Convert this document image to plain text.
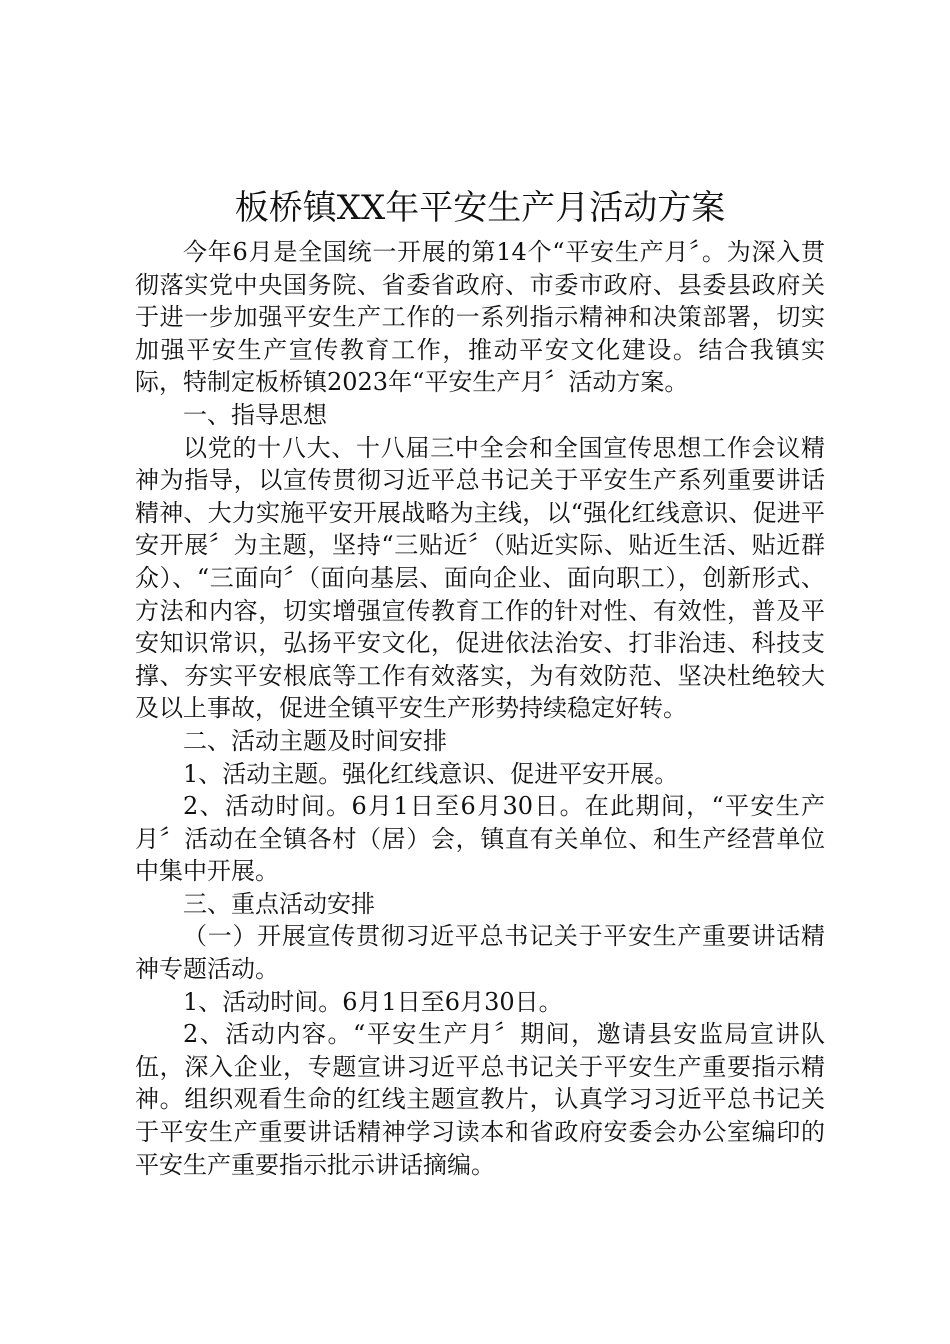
板桥镇XX年平安生产月活动方案

今年6月是全国统一开展的第14个“平安生产月〞。为深入贯彻落实党中央国务院、省委省政府、市委市政府、县委县政府关于进一步加强平安生产工作的一系列指示精神和决策部署，切实加强平安生产宣传教育工作，推动平安文化建设。结合我镇实际，特制定板桥镇2023年“平安生产月〞活动方案。

一、指导思想

以党的十八大、十八届三中全会和全国宣传思想工作会议精神为指导，以宣传贯彻习近平总书记关于平安生产系列重要讲话精神、大力实施平安开展战略为主线，以“强化红线意识、促进平安开展〞为主题，坚持“三贴近〞（贴近实际、贴近生活、贴近群众）、“三面向〞（面向基层、面向企业、面向职工），创新形式、方法和内容，切实增强宣传教育工作的针对性、有效性，普及平安知识常识，弘扬平安文化，促进依法治安、打非治违、科技支撑、夯实平安根底等工作有效落实，为有效防范、坚决杜绝较大及以上事故，促进全镇平安生产形势持续稳定好转。

二、活动主题及时间安排

1、活动主题。强化红线意识、促进平安开展。

2、活动时间。6月1日至6月30日。在此期间，“平安生产月〞活动在全镇各村（居）会，镇直有关单位、和生产经营单位中集中开展。

三、重点活动安排

（一）开展宣传贯彻习近平总书记关于平安生产重要讲话精神专题活动。

1、活动时间。6月1日至6月30日。

2、活动内容。“平安生产月〞期间，邀请县安监局宣讲队伍，深入企业，专题宣讲习近平总书记关于平安生产重要指示精神。组织观看生命的红线主题宣教片，认真学习习近平总书记关于平安生产重要讲话精神学习读本和省政府安委会办公室编印的平安生产重要指示批示讲话摘编。
